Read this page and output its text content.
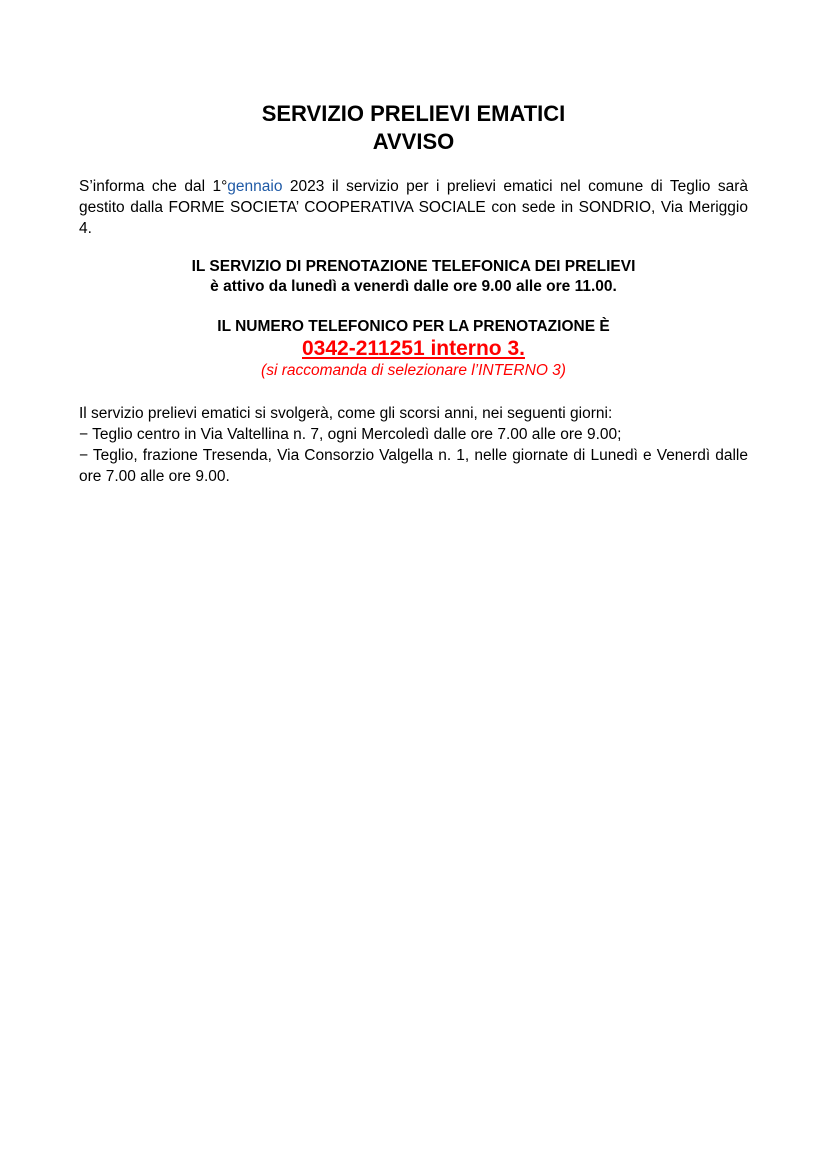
SERVIZIO PRELIEVI EMATICI
AVVISO

S’informa che dal 1°gennaio 2023 il servizio per i prelievi ematici nel comune di Teglio sarà gestito dalla FORME SOCIETA’ COOPERATIVA SOCIALE con sede in SONDRIO, Via Meriggio 4.

IL SERVIZIO DI PRENOTAZIONE TELEFONICA DEI PRELIEVI
è attivo da lunedì a venerdì dalle ore 9.00 alle ore 11.00.
IL NUMERO TELEFONICO PER LA PRENOTAZIONE È
0342-211251 interno 3.
(si raccomanda di selezionare l’INTERNO 3)
Il servizio prelievi ematici si svolgerà, come gli scorsi anni, nei seguenti giorni:
− Teglio centro in Via Valtellina n. 7, ogni Mercoledì dalle ore 7.00 alle ore 9.00;
− Teglio, frazione Tresenda, Via Consorzio Valgella n. 1, nelle giornate di Lunedì e Venerdì dalle ore 7.00 alle ore 9.00.
